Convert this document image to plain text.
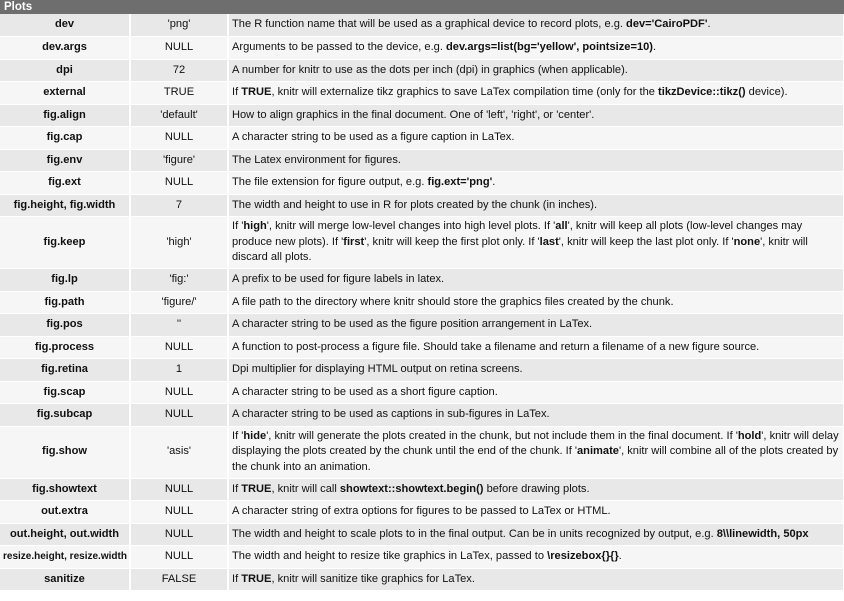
Plots
dev	'png'	The R function name that will be used as a graphical device to record plots, e.g. dev='CairoPDF'.
dev.args	NULL	Arguments to be passed to the device, e.g. dev.args=list(bg='yellow', pointsize=10).
dpi	72	A number for knitr to use as the dots per inch (dpi) in graphics (when applicable).
external	TRUE	If TRUE, knitr will externalize tikz graphics to save LaTex compilation time (only for the tikzDevice::tikz() device).
fig.align	'default'	How to align graphics in the final document. One of 'left', 'right', or 'center'.
fig.cap	NULL	A character string to be used as a figure caption in LaTex.
fig.env	'figure'	The Latex environment for figures.
fig.ext	NULL	The file extension for figure output, e.g. fig.ext='png'.
fig.height, fig.width	7	The width and height to use in R for plots created by the chunk (in inches).
fig.keep	'high'	If 'high', knitr will merge low-level changes into high level plots. If 'all', knitr will keep all plots (low-level changes may produce new plots). If 'first', knitr will keep the first plot only. If 'last', knitr will keep the last plot only. If 'none', knitr will discard all plots.
fig.lp	'fig:'	A prefix to be used for figure labels in latex.
fig.path	'figure/'	A file path to the directory where knitr should store the graphics files created by the chunk.
fig.pos	''	A character string to be used as the figure position arrangement in LaTex.
fig.process	NULL	A function to post-process a figure file. Should take a filename and return a filename of a new figure source.
fig.retina	1	Dpi multiplier for displaying HTML output on retina screens.
fig.scap	NULL	A character string to be used as a short figure caption.
fig.subcap	NULL	A character string to be used as captions in sub-figures in LaTex.
fig.show	'asis'	If 'hide', knitr will generate the plots created in the chunk, but not include them in the final document. If 'hold', knitr will delay displaying the plots created by the chunk until the end of the chunk. If 'animate', knitr will combine all of the plots created by the chunk into an animation.
fig.showtext	NULL	If TRUE, knitr will call showtext::showtext.begin() before drawing plots.
out.extra	NULL	A character string of extra options for figures to be passed to LaTex or HTML.
out.height, out.width	NULL	The width and height to scale plots to in the final output. Can be in units recognized by output, e.g. 8\\linewidth, 50px
resize.height, resize.width	NULL	The width and height to resize tike graphics in LaTex, passed to \resizebox{}{}.
sanitize	FALSE	If TRUE, knitr will sanitize tike graphics for LaTex.
